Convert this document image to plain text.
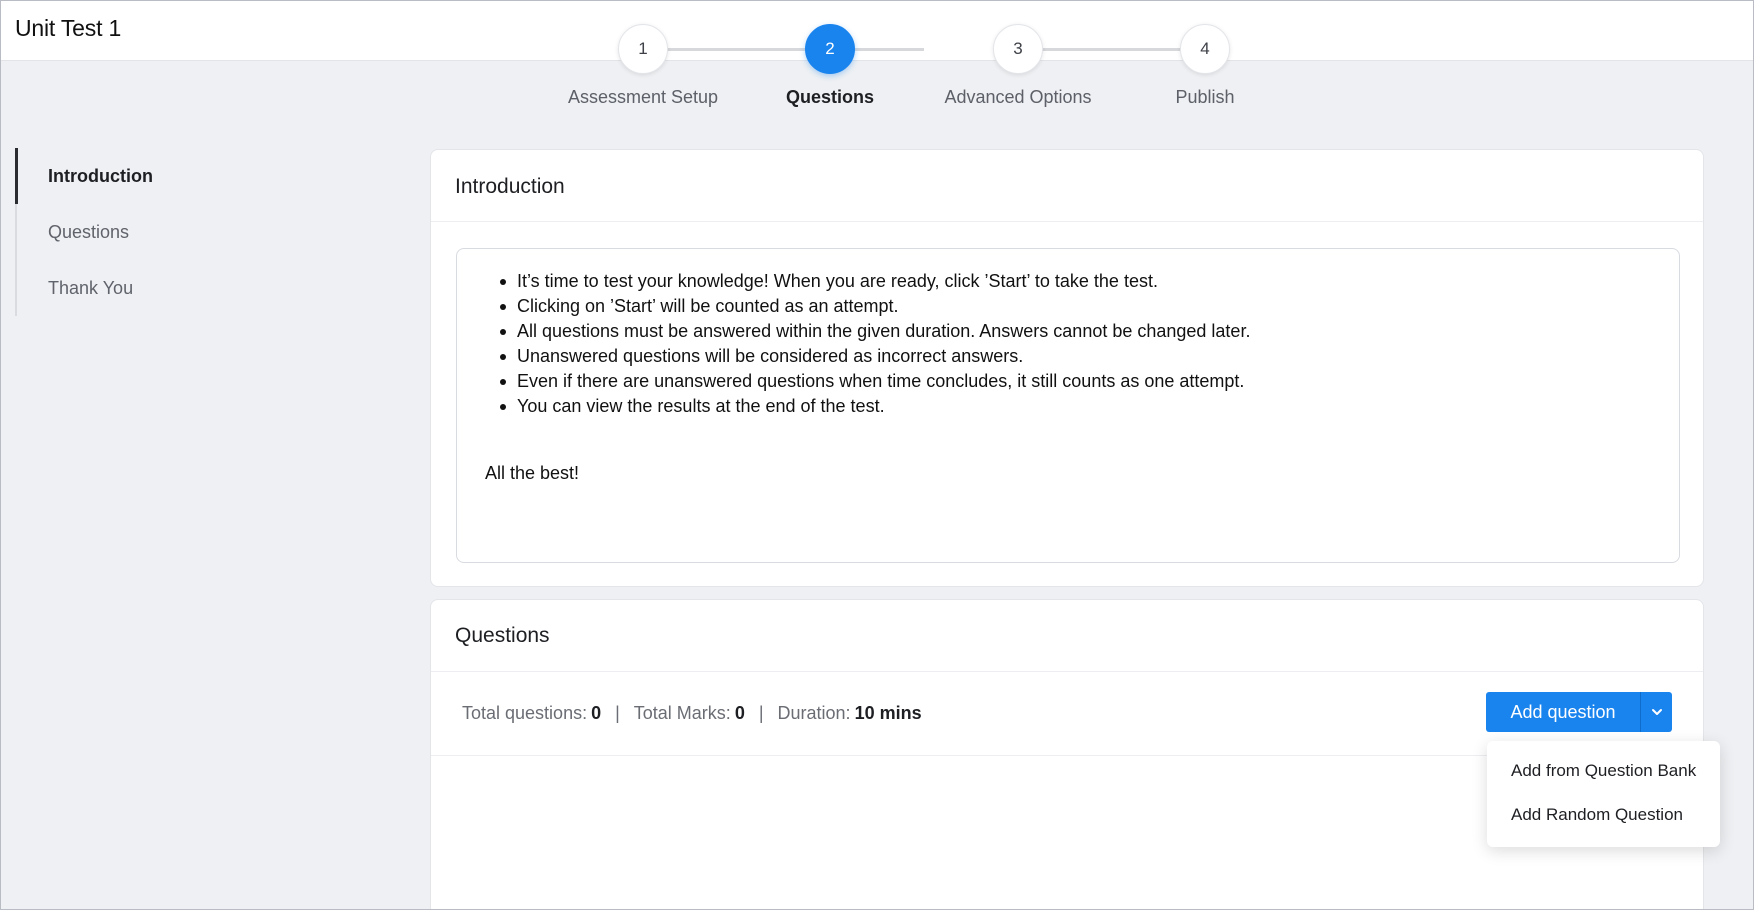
Unit Test 1
1	2	3	4
Assessment Setup	Questions	Advanced Options	Publish
Introduction
Questions
Thank You
Introduction
It’s time to test your knowledge! When you are ready, click ’Start’ to take the test.
Clicking on ’Start’ will be counted as an attempt.
All questions must be answered within the given duration. Answers cannot be changed later.
Unanswered questions will be considered as incorrect answers.
Even if there are unanswered questions when time concludes, it still counts as one attempt.
You can view the results at the end of the test.
All the best!
Questions
Total questions: 0 | Total Marks: 0 | Duration: 10 mins	Add question
Add from Question Bank
Add Random Question
